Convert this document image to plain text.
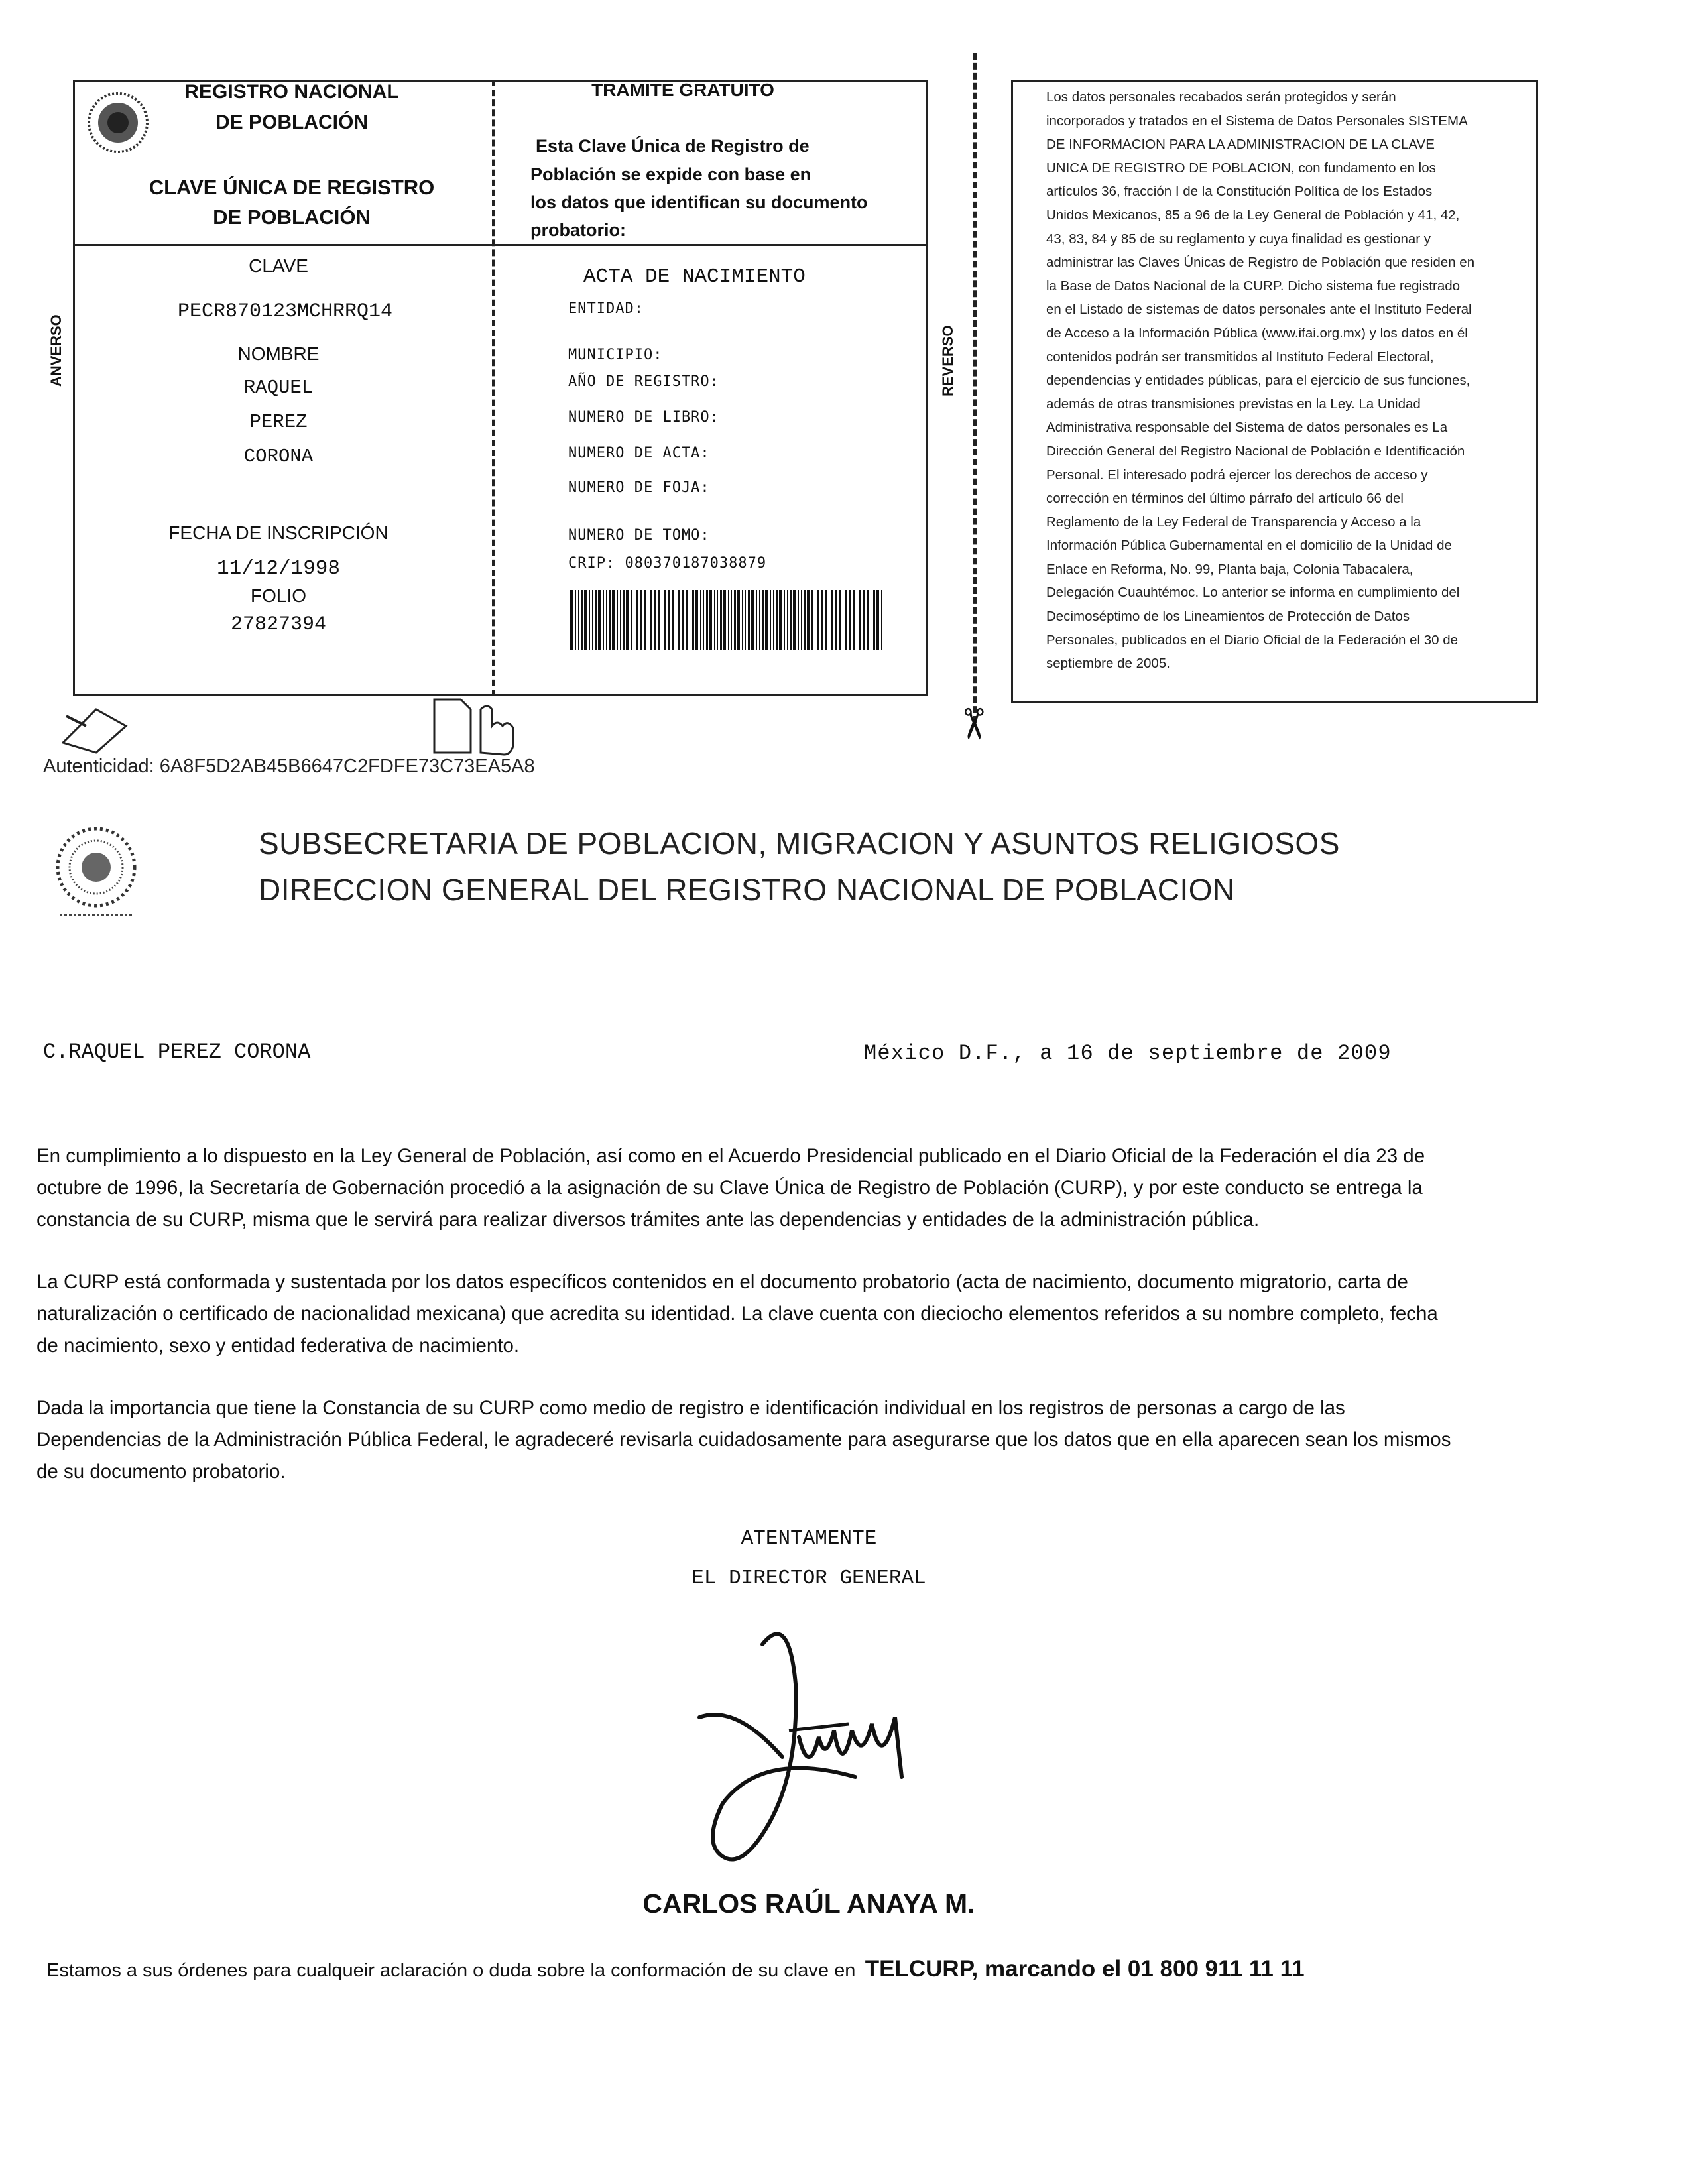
REGISTRO NACIONAL
DE POBLACIÓN
CLAVE ÚNICA DE REGISTRO
DE POBLACIÓN
TRAMITE GRATUITO
Esta Clave Única de Registro de
Población se expide con base en
los datos que identifican su documento
probatorio:
CLAVE
PECR870123MCHRRQ14
NOMBRE
RAQUEL
PEREZ
CORONA
FECHA DE INSCRIPCIÓN
11/12/1998
FOLIO
27827394
ACTA DE NACIMIENTO
ENTIDAD:
MUNICIPIO:
AÑO DE REGISTRO:
NUMERO DE LIBRO:
NUMERO DE ACTA:
NUMERO DE FOJA:
NUMERO DE TOMO:
CRIP: 080370187038879
ANVERSO	REVERSO
✂

Los datos personales recabados serán protegidos y serán

incorporados y tratados en el Sistema de Datos Personales SISTEMA

DE INFORMACION PARA LA ADMINISTRACION DE LA CLAVE

UNICA DE REGISTRO DE POBLACION, con fundamento en los

artículos 36, fracción I de la Constitución Política de los Estados

Unidos Mexicanos, 85 a 96 de la Ley General de Población y 41, 42,

43, 83, 84 y 85 de su reglamento y cuya finalidad es gestionar y

administrar las Claves Únicas de Registro de Población que residen en

la Base de Datos Nacional de la CURP. Dicho sistema fue registrado

en el Listado de sistemas de datos personales ante el Instituto Federal

de Acceso a la Información Pública (www.ifai.org.mx) y los datos en él

contenidos podrán ser transmitidos al Instituto Federal Electoral,

dependencias y entidades públicas, para el ejercicio de sus funciones,

además de otras transmisiones previstas en la Ley. La Unidad

Administrativa responsable del Sistema de datos personales es La

Dirección General del Registro Nacional de Población e Identificación

Personal. El interesado podrá ejercer los derechos de acceso y

corrección en términos del último párrafo del artículo 66 del

Reglamento de la Ley Federal de Transparencia y Acceso a la

Información Pública Gubernamental en el domicilio de la Unidad de

Enlace en Reforma, No. 99, Planta baja, Colonia Tabacalera,

Delegación Cuauhtémoc. Lo anterior se informa en cumplimiento del

Decimoséptimo de los Lineamientos de Protección de Datos

Personales, publicados en el Diario Oficial de la Federación el 30 de

septiembre de 2005.

Autenticidad: 6A8F5D2AB45B6647C2FDFE73C73EA5A8
SUBSECRETARIA DE POBLACION, MIGRACION Y ASUNTOS RELIGIOSOS
DIRECCION GENERAL DEL REGISTRO NACIONAL DE POBLACION
C.RAQUEL PEREZ CORONA	México D.F., a 16 de septiembre de 2009

En cumplimiento a lo dispuesto en la Ley General de Población, así como en el Acuerdo Presidencial publicado en el Diario Oficial de la Federación el día 23 de

octubre de 1996, la Secretaría de Gobernación procedió a la asignación de su Clave Única de Registro de Población (CURP), y por este conducto se entrega la

constancia de su CURP, misma que le servirá para realizar diversos trámites ante las dependencias y entidades de la administración pública.

La CURP está conformada y sustentada por los datos específicos contenidos en el documento probatorio (acta de nacimiento, documento migratorio, carta de

naturalización o certificado de nacionalidad mexicana) que acredita su identidad. La clave cuenta con dieciocho elementos referidos a su nombre completo, fecha

de nacimiento, sexo y entidad federativa de nacimiento.

Dada la importancia que tiene la Constancia de su CURP como medio de registro e identificación individual en los registros de personas a cargo de las

Dependencias de la Administración Pública Federal, le agradeceré revisarla cuidadosamente para asegurarse que los datos que en ella aparecen sean los mismos

de su documento probatorio.

ATENTAMENTE
EL DIRECTOR GENERAL
CARLOS RAÚL ANAYA M.
Estamos a sus órdenes para cualqueir aclaración o duda sobre la conformación de su clave en TELCURP, marcando el 01 800 911 11 11
